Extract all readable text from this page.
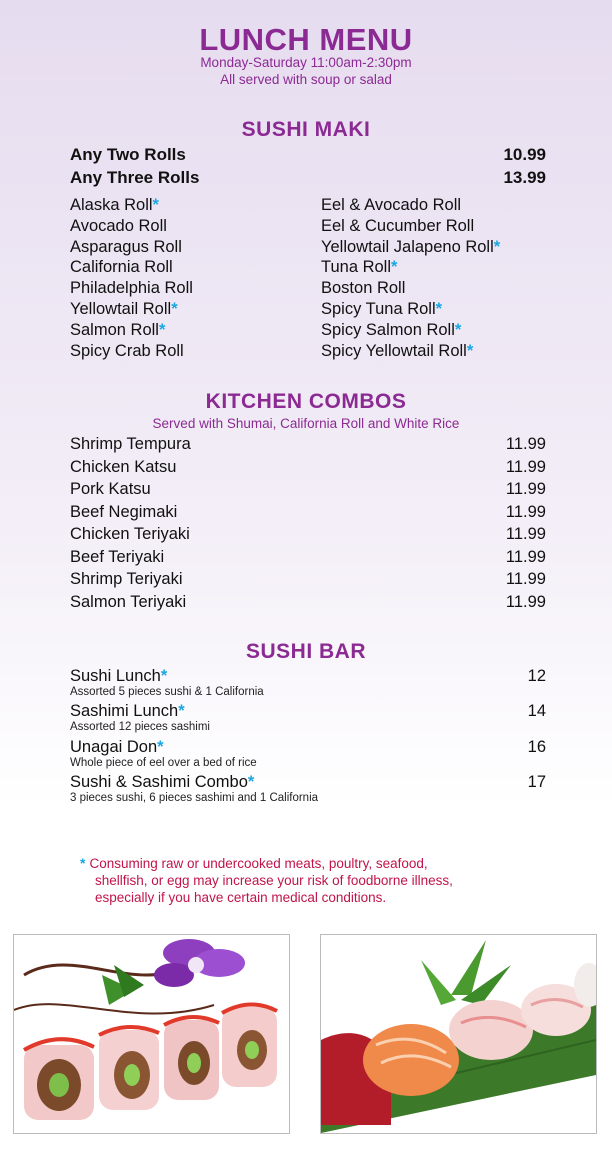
LUNCH MENU
Monday-Saturday 11:00am-2:30pm
All served with soup or salad
SUSHI MAKI
Any Two Rolls	10.99
Any Three Rolls	13.99
Alaska Roll*
Avocado Roll
Asparagus Roll
California Roll
Philadelphia Roll
Yellowtail Roll*
Salmon Roll*
Spicy Crab Roll
Eel & Avocado Roll
Eel & Cucumber Roll
Yellowtail Jalapeno Roll*
Tuna Roll*
Boston Roll
Spicy Tuna Roll*
Spicy Salmon Roll*
Spicy Yellowtail Roll*
KITCHEN COMBOS
Served with Shumai, California Roll and White Rice
Shrimp Tempura	11.99
Chicken Katsu	11.99
Pork Katsu	11.99
Beef Negimaki	11.99
Chicken Teriyaki	11.99
Beef Teriyaki	11.99
Shrimp Teriyaki	11.99
Salmon Teriyaki	11.99
SUSHI BAR
Sushi Lunch*	12
Assorted 5 pieces sushi & 1 California
Sashimi Lunch*	14
Assorted 12 pieces sashimi
Unagai Don*	16
Whole piece of eel over a bed of rice
Sushi & Sashimi Combo*	17
3 pieces sushi, 6 pieces sashimi and 1 California
* Consuming raw or undercooked meats, poultry, seafood,
shellfish, or egg may increase your risk of foodborne illness,
especially if you have certain medical conditions.
